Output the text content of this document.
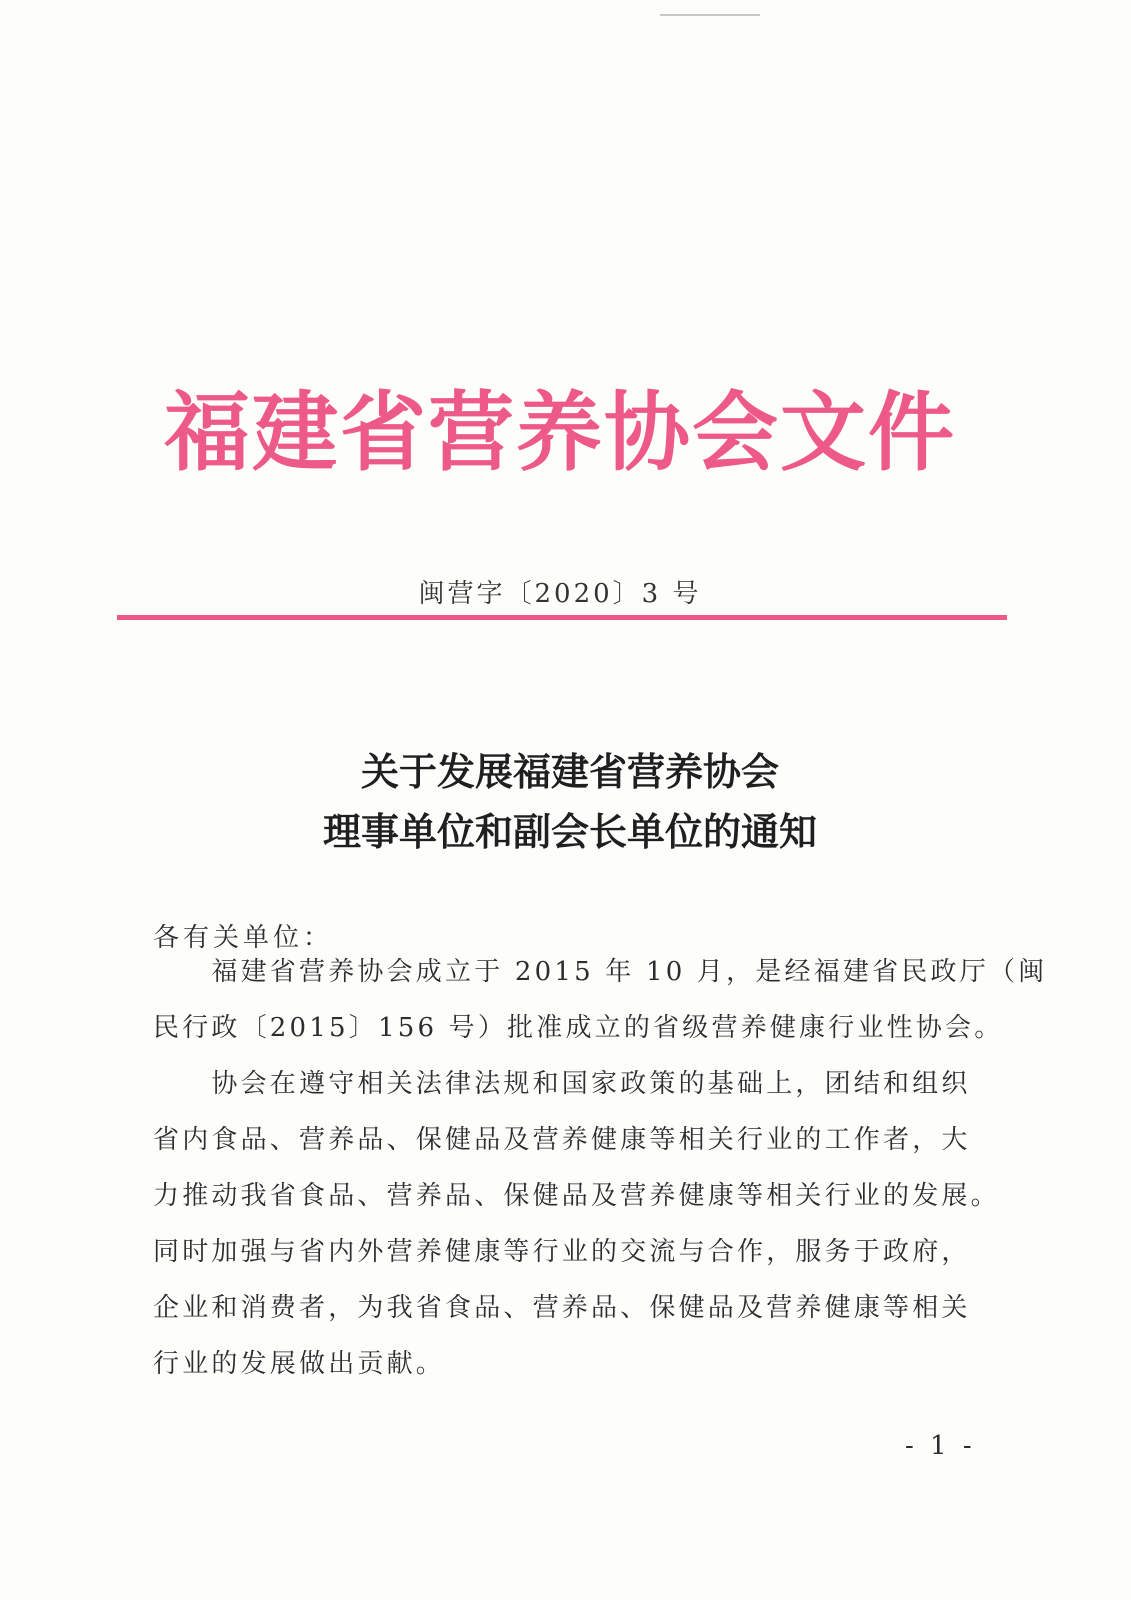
福建省营养协会文件
闽营字〔2020〕3 号
关于发展福建省营养协会
理事单位和副会长单位的通知
各有关单位：
　　福建省营养协会成立于 2015 年 10 月，是经福建省民政厅（闽
民行政〔2015〕156 号）批准成立的省级营养健康行业性协会。
　　协会在遵守相关法律法规和国家政策的基础上，团结和组织
省内食品、营养品、保健品及营养健康等相关行业的工作者，大
力推动我省食品、营养品、保健品及营养健康等相关行业的发展。
同时加强与省内外营养健康等行业的交流与合作，服务于政府，
企业和消费者，为我省食品、营养品、保健品及营养健康等相关
行业的发展做出贡献。
- 1 -
